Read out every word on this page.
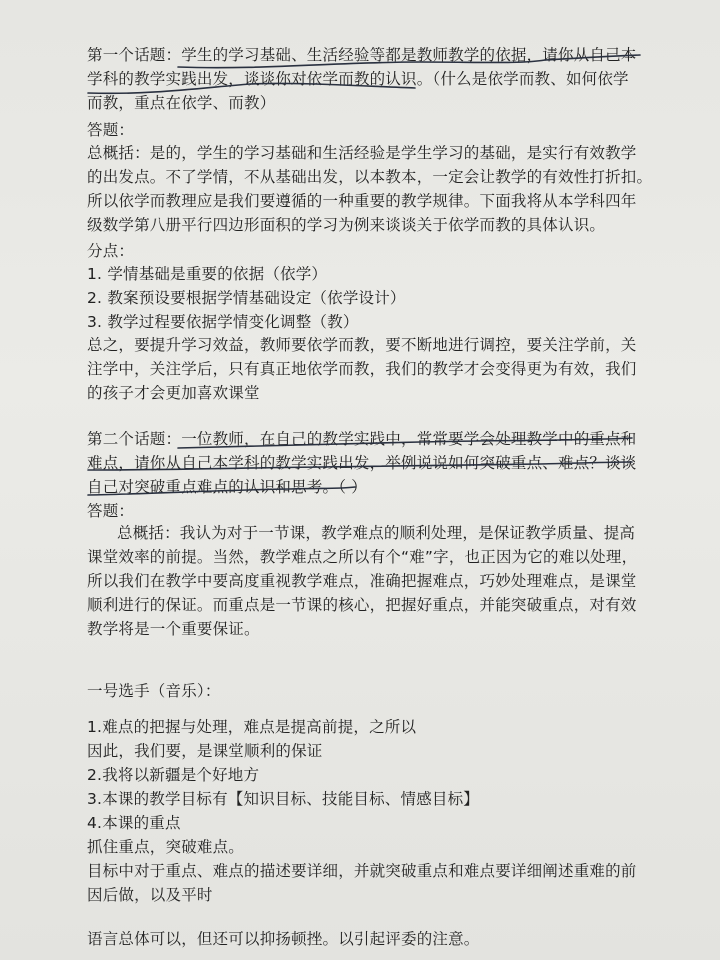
第一个话题：学生的学习基础、生活经验等都是教师教学的依据，请你从自己本
学科的教学实践出发，谈谈你对依学而教的认识。（什么是依学而教、如何依学
而教，重点在依学、而教）
答题：
总概括：是的，学生的学习基础和生活经验是学生学习的基础，是实行有效教学
的出发点。不了学情，不从基础出发，以本教本，一定会让教学的有效性打折扣。
所以依学而教理应是我们要遵循的一种重要的教学规律。下面我将从本学科四年
级数学第八册平行四边形面积的学习为例来谈谈关于依学而教的具体认识。
分点：
1. 学情基础是重要的依据（依学）
2. 教案预设要根据学情基础设定（依学设计）
3. 教学过程要依据学情变化调整（教）
总之，要提升学习效益，教师要依学而教，要不断地进行调控，要关注学前，关
注学中，关注学后，只有真正地依学而教，我们的教学才会变得更为有效，我们
的孩子才会更加喜欢课堂
第二个话题：一位教师，在自己的教学实践中，常常要学会处理教学中的重点和
难点，请你从自己本学科的教学实践出发，举例说说如何突破重点、难点？谈谈
自己对突破重点难点的认识和思考。（ ）
答题：
总概括：我认为对于一节课，教学难点的顺利处理，是保证教学质量、提高
课堂效率的前提。当然，教学难点之所以有个“难”字，也正因为它的难以处理，
所以我们在教学中要高度重视教学难点，准确把握难点，巧妙处理难点，是课堂
顺利进行的保证。而重点是一节课的核心，把握好重点，并能突破重点，对有效
教学将是一个重要保证。
一号选手（音乐）：
1.难点的把握与处理，难点是提高前提，之所以
因此，我们要，是课堂顺利的保证
2.我将以新疆是个好地方
3.本课的教学目标有【知识目标、技能目标、情感目标】
4.本课的重点
抓住重点，突破难点。
目标中对于重点、难点的描述要详细，并就突破重点和难点要详细阐述重难的前
因后做，以及平时
语言总体可以，但还可以抑扬顿挫。以引起评委的注意。
